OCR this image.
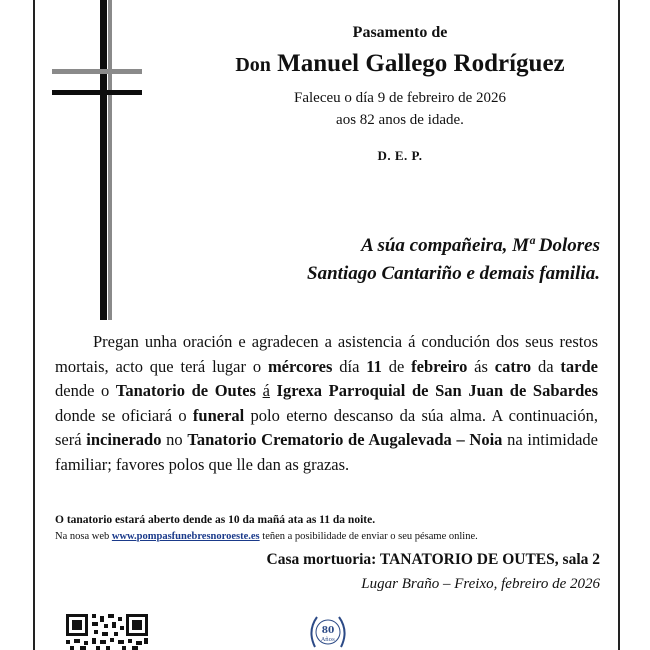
Pasamento de
Don Manuel Gallego Rodríguez
Faleceu o día 9 de febreiro de 2026
aos 82 anos de idade.
D. E. P.
A súa compañeira, Mª Dolores
Santiago Cantariño e demais familia.

Pregan unha oración e agradecen a asistencia á condución dos seus restos mortais, acto que terá lugar o mércores día 11 de febreiro ás catro da tarde dende o Tanatorio de Outes á Igrexa Parroquial de San Juan de Sabardes donde se oficiará o funeral polo eterno descanso da súa alma. A continuación, será incinerado no Tanatorio Crematorio de Augalevada – Noia na intimidade familiar; favores polos que lle dan as grazas.

O tanatorio estará aberto dende as 10 da mañá ata as 11 da noite.
Na nosa web www.pompasfunebresnoroeste.es teñen a posibilidade de enviar o seu pésame online.
Casa mortuoria: TANATORIO DE OUTES, sala 2
Lugar Braño – Freixo, febreiro de 2026
80
Años
